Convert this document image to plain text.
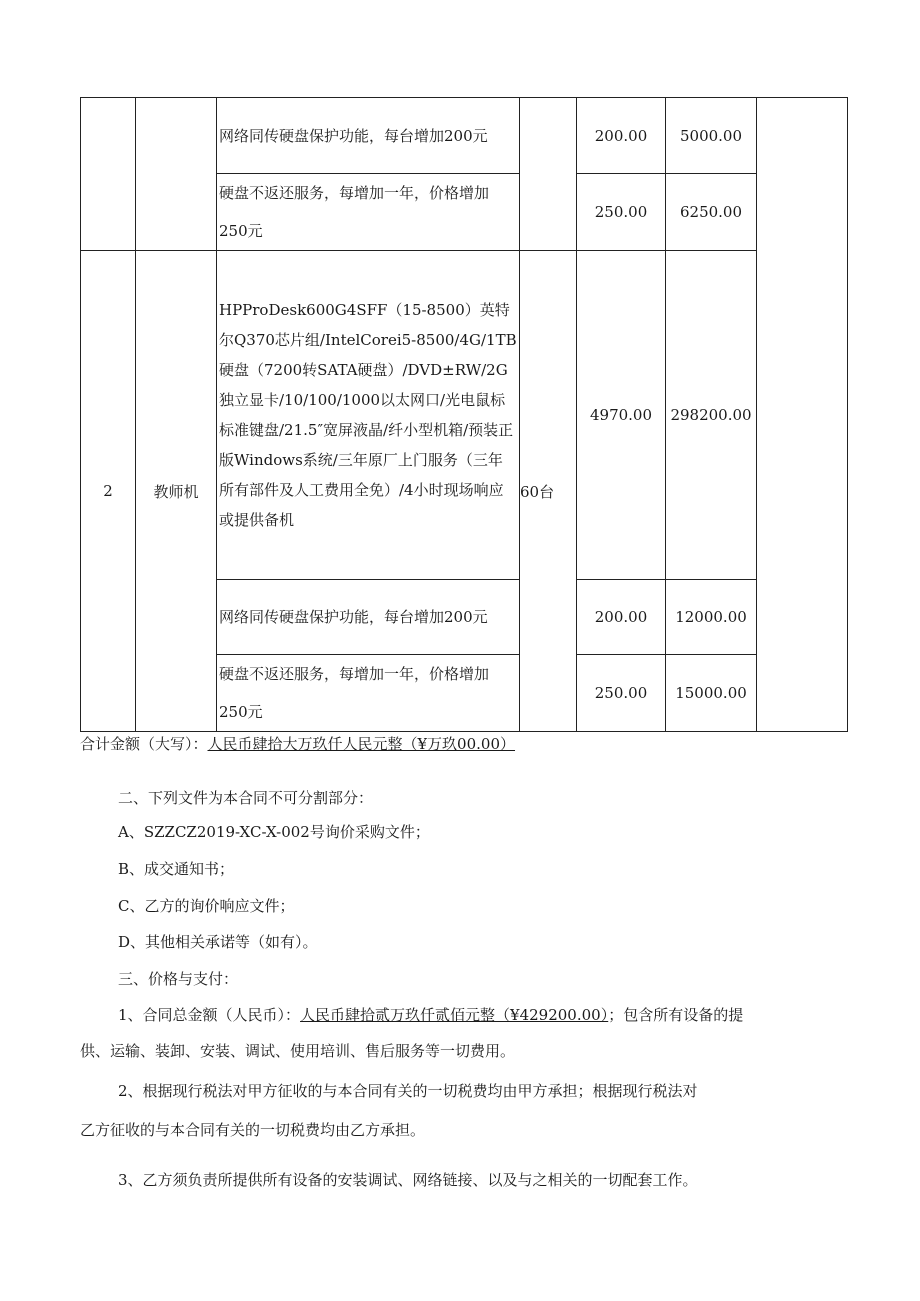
		网络同传硬盘保护功能，每台增加200元		200.00	5000.00	
		硬盘不返还服务，每增加一年，价格增加250元		250.00	6250.00	
2	教师机	HPProDesk600G4SFF（15-8500）英特尔Q370芯片组/IntelCorei5-8500/4G/1TB硬盘（7200转SATA硬盘）/DVD±RW/2G独立显卡/10/100/1000以太网口/光电鼠标标准键盘/21.5″宽屏液晶/纤小型机箱/预装正版Windows系统/三年原厂上门服务（三年所有部件及人工费用全免）/4小时现场响应或提供备机	60台	4970.00	298200.00	
		网络同传硬盘保护功能，每台增加200元		200.00	12000.00	
		硬盘不返还服务，每增加一年，价格增加250元		250.00	15000.00	
合计金额（大写）：人民币肆拾大万玖仟人民元整（¥万玖00.00）
二、下列文件为本合同不可分割部分：
A、SZZCZ2019-XC-X-002号询价采购文件；
B、成交通知书；
C、乙方的询价响应文件；
D、其他相关承诺等（如有）。
三、价格与支付：
1、合同总金额（人民币）：人民币肆拾贰万玖仟贰佰元整（¥429200.00）；包含所有设备的提
供、运输、装卸、安装、调试、使用培训、售后服务等一切费用。
2、根据现行税法对甲方征收的与本合同有关的一切税费均由甲方承担；根据现行税法对
乙方征收的与本合同有关的一切税费均由乙方承担。
3、乙方须负责所提供所有设备的安装调试、网络链接、以及与之相关的一切配套工作。
